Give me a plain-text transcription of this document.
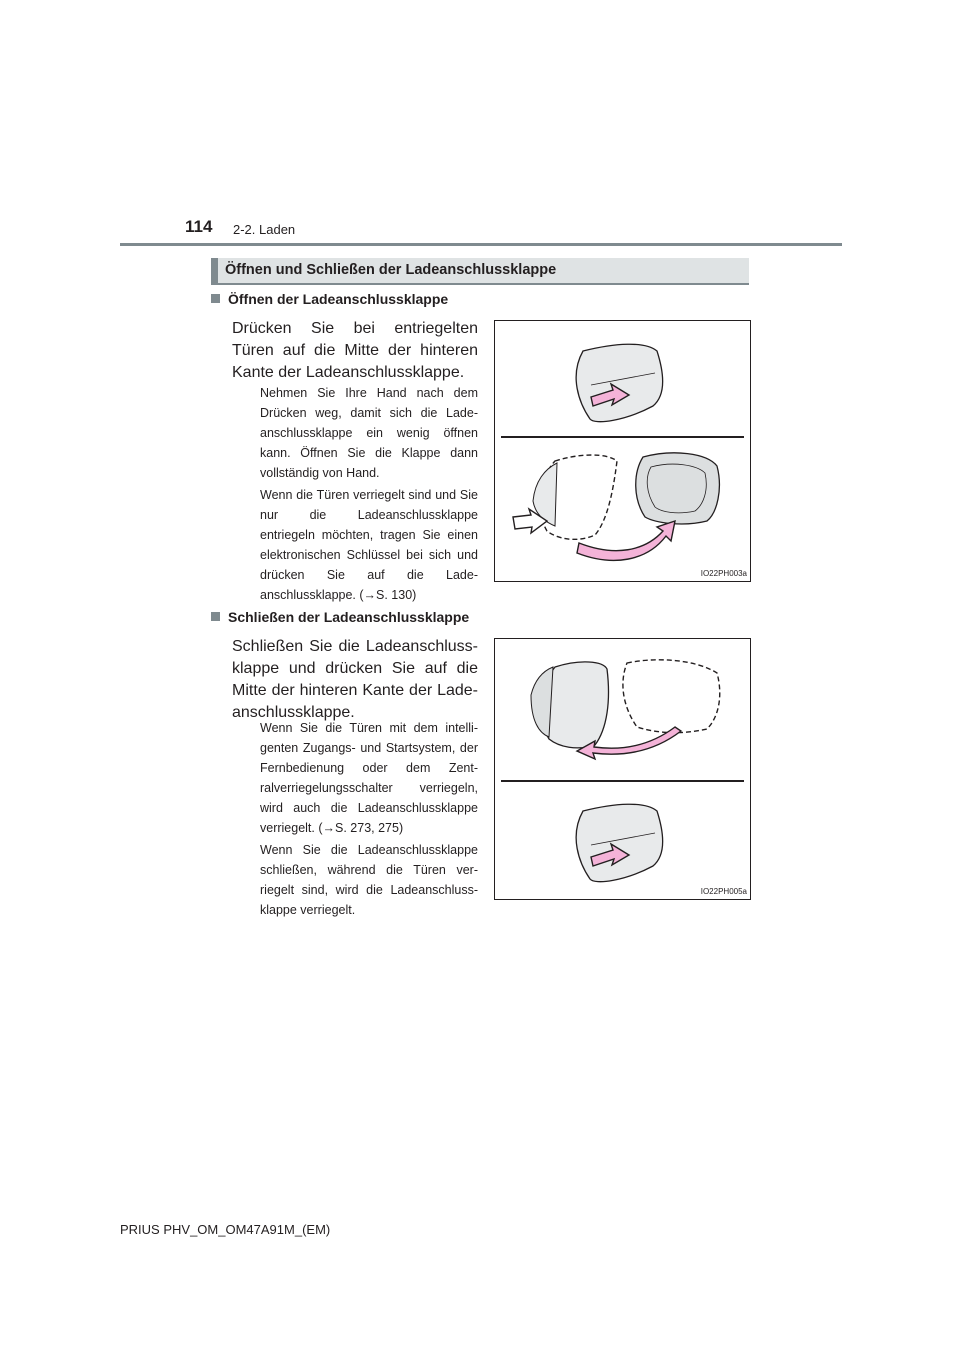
114 2-2. Laden
Öffnen und Schließen der Ladeanschlussklappe
Öffnen der Ladeanschlussklappe
Drücken Sie bei entriegelten Türen auf die Mitte der hinteren Kante der Ladeanschlussklappe.
Nehmen Sie Ihre Hand nach dem Drücken weg, damit sich die Lade-anschlussklappe ein wenig öffnen kann. Öffnen Sie die Klappe dann vollständig von Hand.
Wenn die Türen verriegelt sind und Sie nur die Ladeanschlussklappe entriegeln möchten, tragen Sie einen elektronischen Schlüssel bei sich und drücken Sie auf die Lade-anschlussklappe. (→S. 130)
IO22PH003a
Schließen der Ladeanschlussklappe
Schließen Sie die Ladeanschluss-klappe und drücken Sie auf die Mitte der hinteren Kante der Lade-anschlussklappe.
Wenn Sie die Türen mit dem intelli-genten Zugangs- und Startsystem, der Fernbedienung oder dem Zent-ralverriegelungsschalter verriegeln, wird auch die Ladeanschlussklappe verriegelt. (→S. 273, 275)
Wenn Sie die Ladeanschlussklappe schließen, während die Türen ver-riegelt sind, wird die Ladeanschluss-klappe verriegelt.
IO22PH005a
PRIUS PHV_OM_OM47A91M_(EM)
